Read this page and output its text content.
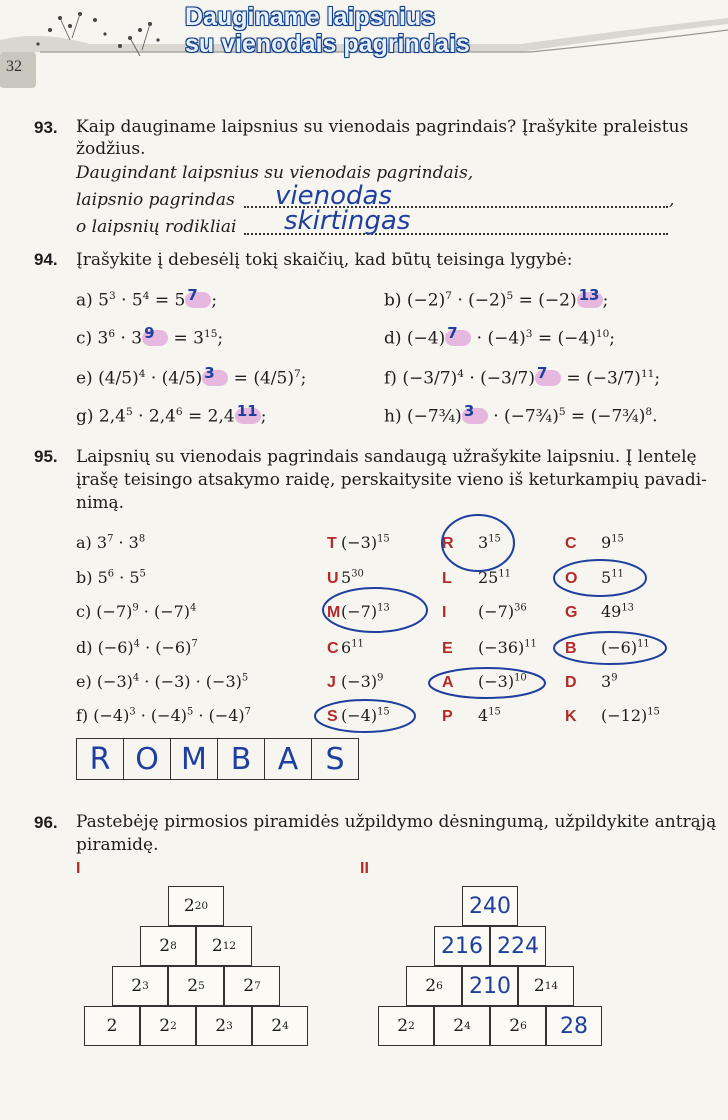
32
Dauginame laipsnius
su vienodais pagrindais
93. Kaip dauginame laipsnius su vienodais pagrindais? Įrašykite praleistus
žodžius.
Daugindant laipsnius su vienodais pagrindais,
laipsnio pagrindas	,
vienodas
o laipsnių rodikliai skirtingas
94. Įrašykite į debesėlį tokį skaičių, kad būtų teisinga lygybė:
a) $5^3 \cdot 5^4 = 5$ 7 ;	b) $(-2)^7 \cdot (-2)^5 = (-2)$ 13 ;
c) $3^6 \cdot 3$ $9 = 3^{15}$;	d) (−4) $7 \cdot (-4)^3 = (-4)^{10}$;
e) $(4/5)^4 \cdot (4/5) 3 = (4/5)^7$;	f) $(-3/7)^4 \cdot (-3/7) 7 = (-3/7)^{11}$;
g) $2,4^5 \cdot 2,4^6 = 2,4$ 11 ;	h) (−7¾) 3 · (−7¾)$^5$ = (−7¾)$^8$.
95. Laipsnių su vienodais pagrindais sandaugą užrašykite laipsniu. Į lentelę
įrašę teisingo atsakymo raidę, perskaitysite vieno iš keturkampių pavadi-
nimą.
a) $3^7 \cdot 3^8$
b) $5^6 \cdot 5^5$
c) $(-7)^9 \cdot (-7)^4$
d) $(-6)^4 \cdot (-6)^7$
e) $(-3)^4 \cdot (-3) \cdot (-3)^5$
f) $(-4)^3 \cdot (-4)^5 \cdot (-4)^7$
T $(-3)^{15}$	R $3^{15}$	C $9^{15}$
U $5^{30}$	L $25^{11}$	O $5^{11}$
$M(-7)^{13}$	I $(-7)^{36}$ G $49^{13}$
C $6^{11}$	E $(-36)^{11}$ B $(-6)^{11}$
J $(-3)^9$	A $(-3)^{10}$ D $3^9$
S $(-4)^{15}$	P $4^{15}$	K $(-12)^{15}$
R O M B A S
96. Pastebėję pirmosios piramidės užpildymo dėsningumą, užpildykite antrąją
piramidę.
I	II
2 20
2 8 2 12
2 3 2 5 2 7
2 2 2 2 3 2 4
2 40
2 16 2 24
2 6 2 10 2 14
2 2 2 4 2 6 2 8
